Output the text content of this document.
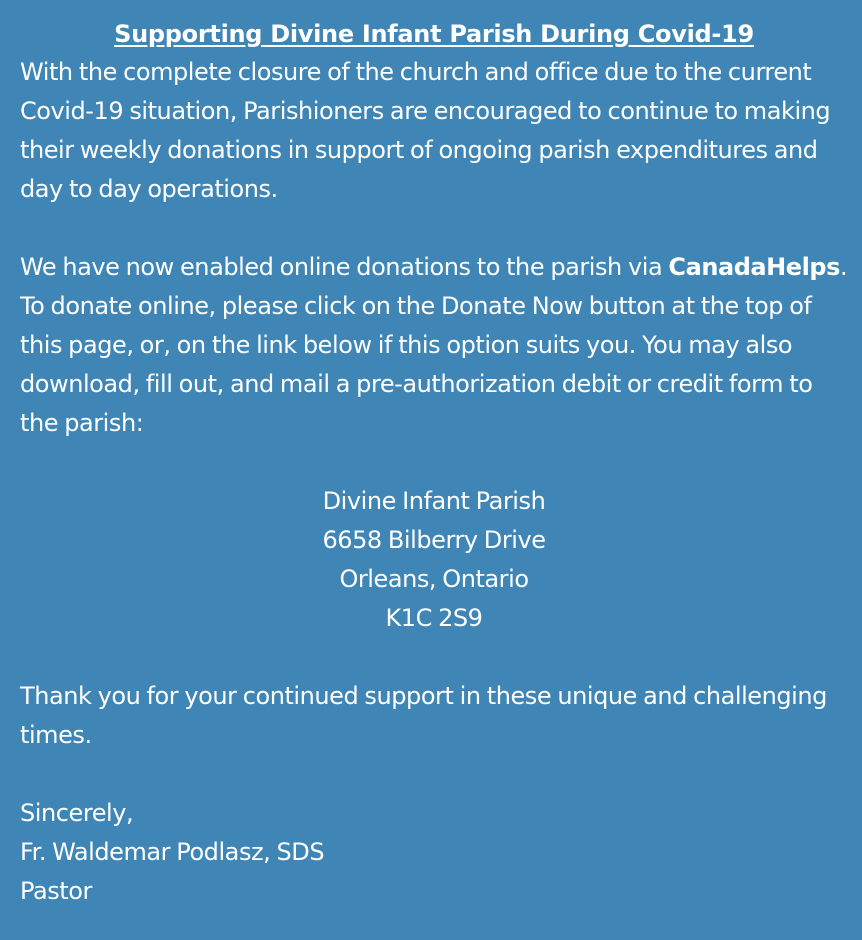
Supporting Divine Infant Parish During Covid-19

With the complete closure of the church and office due to the current Covid-19 situation, Parishioners are encouraged to continue to making their weekly donations in support of ongoing parish expenditures and day to day operations.

We have now enabled online donations to the parish via CanadaHelps. To donate online, please click on the Donate Now button at the top of this page, or, on the link below if this option suits you. You may also download, fill out, and mail a pre-authorization debit or credit form to the parish:

Divine Infant Parish
6658 Bilberry Drive
Orleans, Ontario
K1C 2S9

Thank you for your continued support in these unique and challenging times.

Sincerely,
Fr. Waldemar Podlasz, SDS
Pastor
